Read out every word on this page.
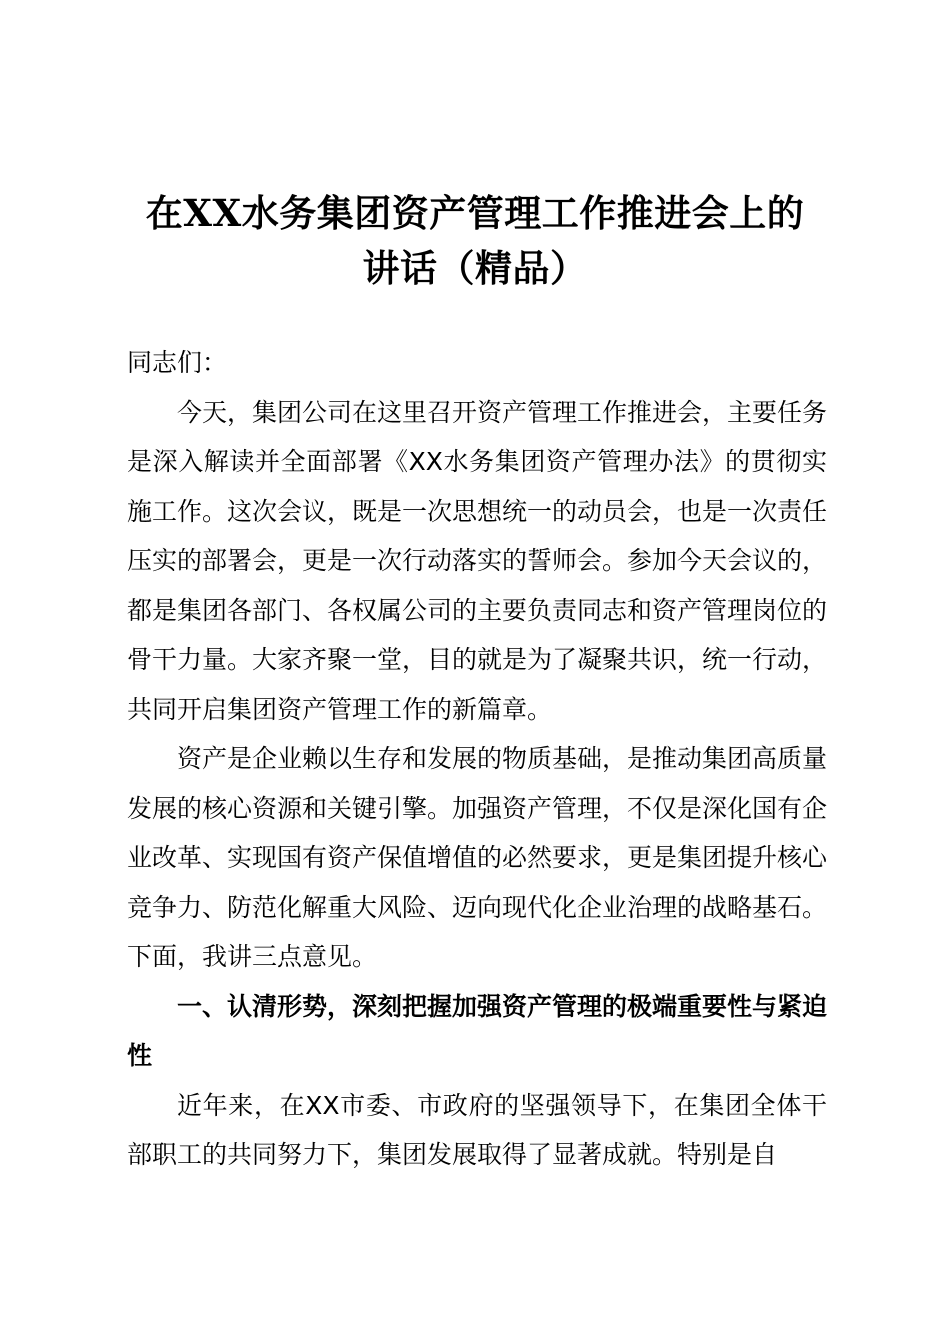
在XX水务集团资产管理工作推进会上的
讲话（精品）

同志们：

今天，集团公司在这里召开资产管理工作推进会，主要任务是深入解读并全面部署《XX水务集团资产管理办法》的贯彻实施工作。这次会议，既是一次思想统一的动员会，也是一次责任压实的部署会，更是一次行动落实的誓师会。参加今天会议的，都是集团各部门、各权属公司的主要负责同志和资产管理岗位的骨干力量。大家齐聚一堂，目的就是为了凝聚共识，统一行动，共同开启集团资产管理工作的新篇章。

资产是企业赖以生存和发展的物质基础，是推动集团高质量发展的核心资源和关键引擎。加强资产管理，不仅是深化国有企业改革、实现国有资产保值增值的必然要求，更是集团提升核心竞争力、防范化解重大风险、迈向现代化企业治理的战略基石。下面，我讲三点意见。

一、认清形势，深刻把握加强资产管理的极端重要性与紧迫性

近年来，在XX市委、市政府的坚强领导下，在集团全体干部职工的共同努力下，集团发展取得了显著成就。特别是自
